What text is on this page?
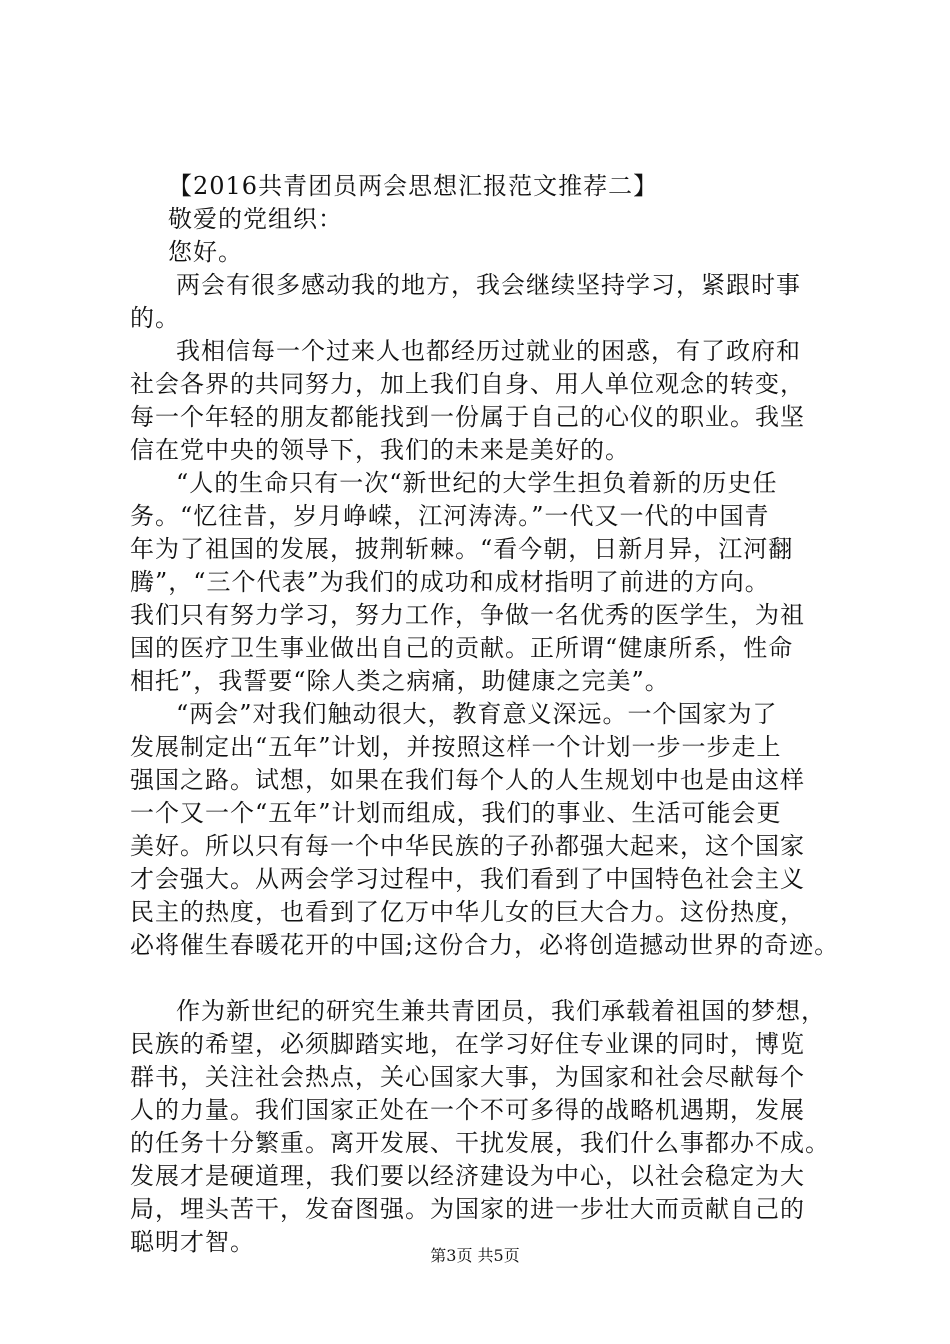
【2016共青团员两会思想汇报范文推荐二】
敬爱的党组织：
您好。
两会有很多感动我的地方，我会继续坚持学习，紧跟时事
的。
我相信每一个过来人也都经历过就业的困惑，有了政府和
社会各界的共同努力，加上我们自身、用人单位观念的转变，
每一个年轻的朋友都能找到一份属于自己的心仪的职业。我坚
信在党中央的领导下，我们的未来是美好的。
“人的生命只有一次“新世纪的大学生担负着新的历史任
务。“忆往昔，岁月峥嵘，江河涛涛。”一代又一代的中国青
年为了祖国的发展，披荆斩棘。“看今朝，日新月异，江河翻
腾”，“三个代表”为我们的成功和成材指明了前进的方向。
我们只有努力学习，努力工作，争做一名优秀的医学生，为祖
国的医疗卫生事业做出自己的贡献。正所谓“健康所系，性命
相托”，我誓要“除人类之病痛，助健康之完美”。
“两会”对我们触动很大，教育意义深远。一个国家为了
发展制定出“五年”计划，并按照这样一个计划一步一步走上
强国之路。试想，如果在我们每个人的人生规划中也是由这样
一个又一个“五年”计划而组成，我们的事业、生活可能会更
美好。所以只有每一个中华民族的子孙都强大起来，这个国家
才会强大。从两会学习过程中，我们看到了中国特色社会主义
民主的热度，也看到了亿万中华儿女的巨大合力。这份热度，
必将催生春暖花开的中国;这份合力，必将创造撼动世界的奇迹。
作为新世纪的研究生兼共青团员，我们承载着祖国的梦想，
民族的希望，必须脚踏实地，在学习好住专业课的同时，博览
群书，关注社会热点，关心国家大事，为国家和社会尽献每个
人的力量。我们国家正处在一个不可多得的战略机遇期，发展
的任务十分繁重。离开发展、干扰发展，我们什么事都办不成。
发展才是硬道理，我们要以经济建设为中心，以社会稳定为大
局，埋头苦干，发奋图强。为国家的进一步壮大而贡献自己的
聪明才智。	第3页 共5页
